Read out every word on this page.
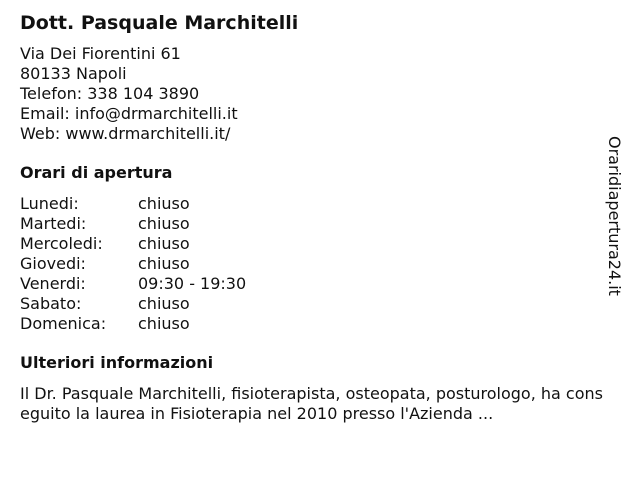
Dott. Pasquale Marchitelli
Via Dei Fiorentini 61
80133 Napoli
Telefon: 338 104 3890
Email: info@drmarchitelli.it
Web: www.drmarchitelli.it/
Orari di apertura
Lunedi:	chiuso
Martedi:	chiuso
Mercoledi:	chiuso
Giovedi:	chiuso
Venerdi:	09:30 - 19:30
Sabato:	chiuso
Domenica:	chiuso
Ulteriori informazioni
Il Dr. Pasquale Marchitelli, fisioterapista, osteopata, posturologo, ha conseguito la laurea in Fisioterapia nel 2010 presso l'Azienda ...
Oraridiapertura24.it
